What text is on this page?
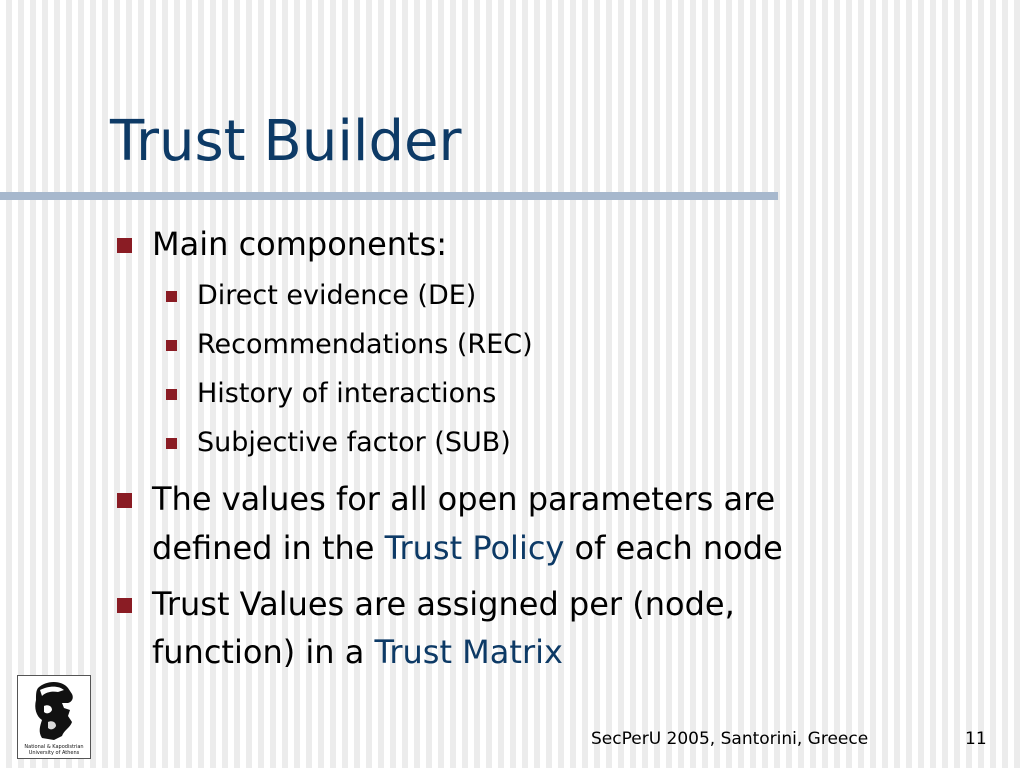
Trust Builder
Main components:
Direct evidence (DE)
Recommendations (REC)
History of interactions
Subjective factor (SUB)
The values for all open parameters are
defined in the Trust Policy of each node
Trust Values are assigned per (node,
function) in a Trust Matrix
National & Kapodistrian
University of Athens
SecPerU 2005, Santorini, Greece	11
